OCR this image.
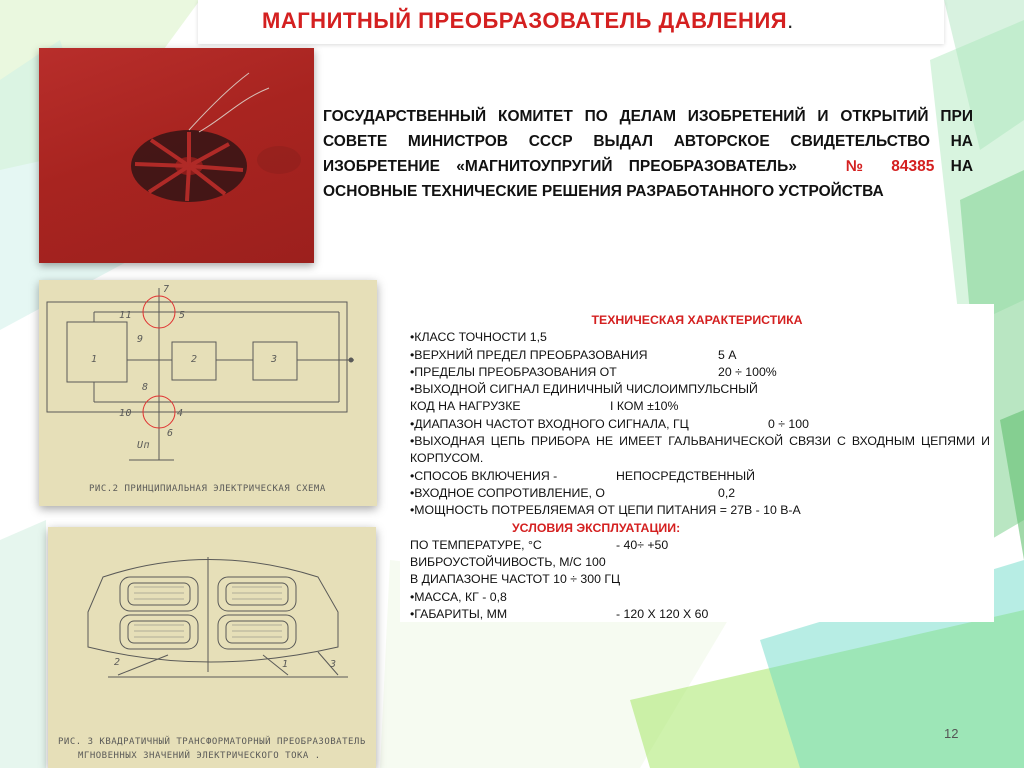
МАГНИТНЫЙ ПРЕОБРАЗОВАТЕЛЬ ДАВЛЕНИЯ.
ГОСУДАРСТВЕННЫЙ КОМИТЕТ ПО ДЕЛАМ ИЗОБРЕТЕНИЙ И ОТКРЫТИЙ ПРИ СОВЕТЕ МИНИСТРОВ СССР ВЫДАЛ АВТОРСКОЕ СВИДЕТЕЛЬСТВО НА ИЗОБРЕТЕНИЕ «МАГНИТОУПРУГИЙ ПРЕОБРАЗОВАТЕЛЬ»	№ 84385 НА ОСНОВНЫЕ ТЕХНИЧЕСКИЕ РЕШЕНИЯ РАЗРАБОТАННОГО УСТРОЙСТВА
7
11	5
9
1	2	3
8
10	4
6
Uп
РИС.2 ПРИНЦИПИАЛЬНАЯ ЭЛЕКТРИЧЕСКАЯ СХЕМА
2	1	3
РИС. 3 КВАДРАТИЧНЫЙ ТРАНСФОРМАТОРНЫЙ ПРЕОБРАЗОВАТЕЛЬ
МГНОВЕННЫХ ЗНАЧЕНИЙ ЭЛЕКТРИЧЕСКОГО ТОКА .
ТЕХНИЧЕСКАЯ ХАРАКТЕРИСТИКА
•КЛАСС ТОЧНОСТИ 1,5
•ВЕРХНИЙ ПРЕДЕЛ ПРЕОБРАЗОВАНИЯ	5 А
•ПРЕДЕЛЫ ПРЕОБРАЗОВАНИЯ ОТ	20 ÷ 100%
•ВЫХОДНОЙ СИГНАЛ ЕДИНИЧНЫЙ ЧИСЛОИМПУЛЬСНЫЙ
КОД НА НАГРУЗКЕ	I КОМ ±10%
•ДИАПАЗОН ЧАСТОТ ВХОДНОГО СИГНАЛА, ГЦ	0 ÷ 100
•ВЫХОДНАЯ ЦЕПЬ ПРИБОРА НЕ ИМЕЕТ ГАЛЬВАНИЧЕСКОЙ СВЯЗИ С ВХОДНЫМ ЦЕПЯМИ И КОРПУСОМ.
•СПОСОБ ВКЛЮЧЕНИЯ -	НЕПОСРЕДСТВЕННЫЙ
•ВХОДНОЕ СОПРОТИВЛЕНИЕ, О	0,2
•МОЩНОСТЬ ПОТРЕБЛЯЕМАЯ ОТ ЦЕПИ ПИТАНИЯ = 27В - 10 В-А
УСЛОВИЯ ЭКСПЛУАТАЦИИ:
ПО ТЕМПЕРАТУРЕ, °С	- 40÷ +50
ВИБРОУСТОЙЧИВОСТЬ, М/С 100
В ДИАПАЗОНЕ ЧАСТОТ 10 ÷ 300 ГЦ
•МАССА, КГ - 0,8
•ГАБАРИТЫ, ММ	- 120 Х 120 Х 60
12
